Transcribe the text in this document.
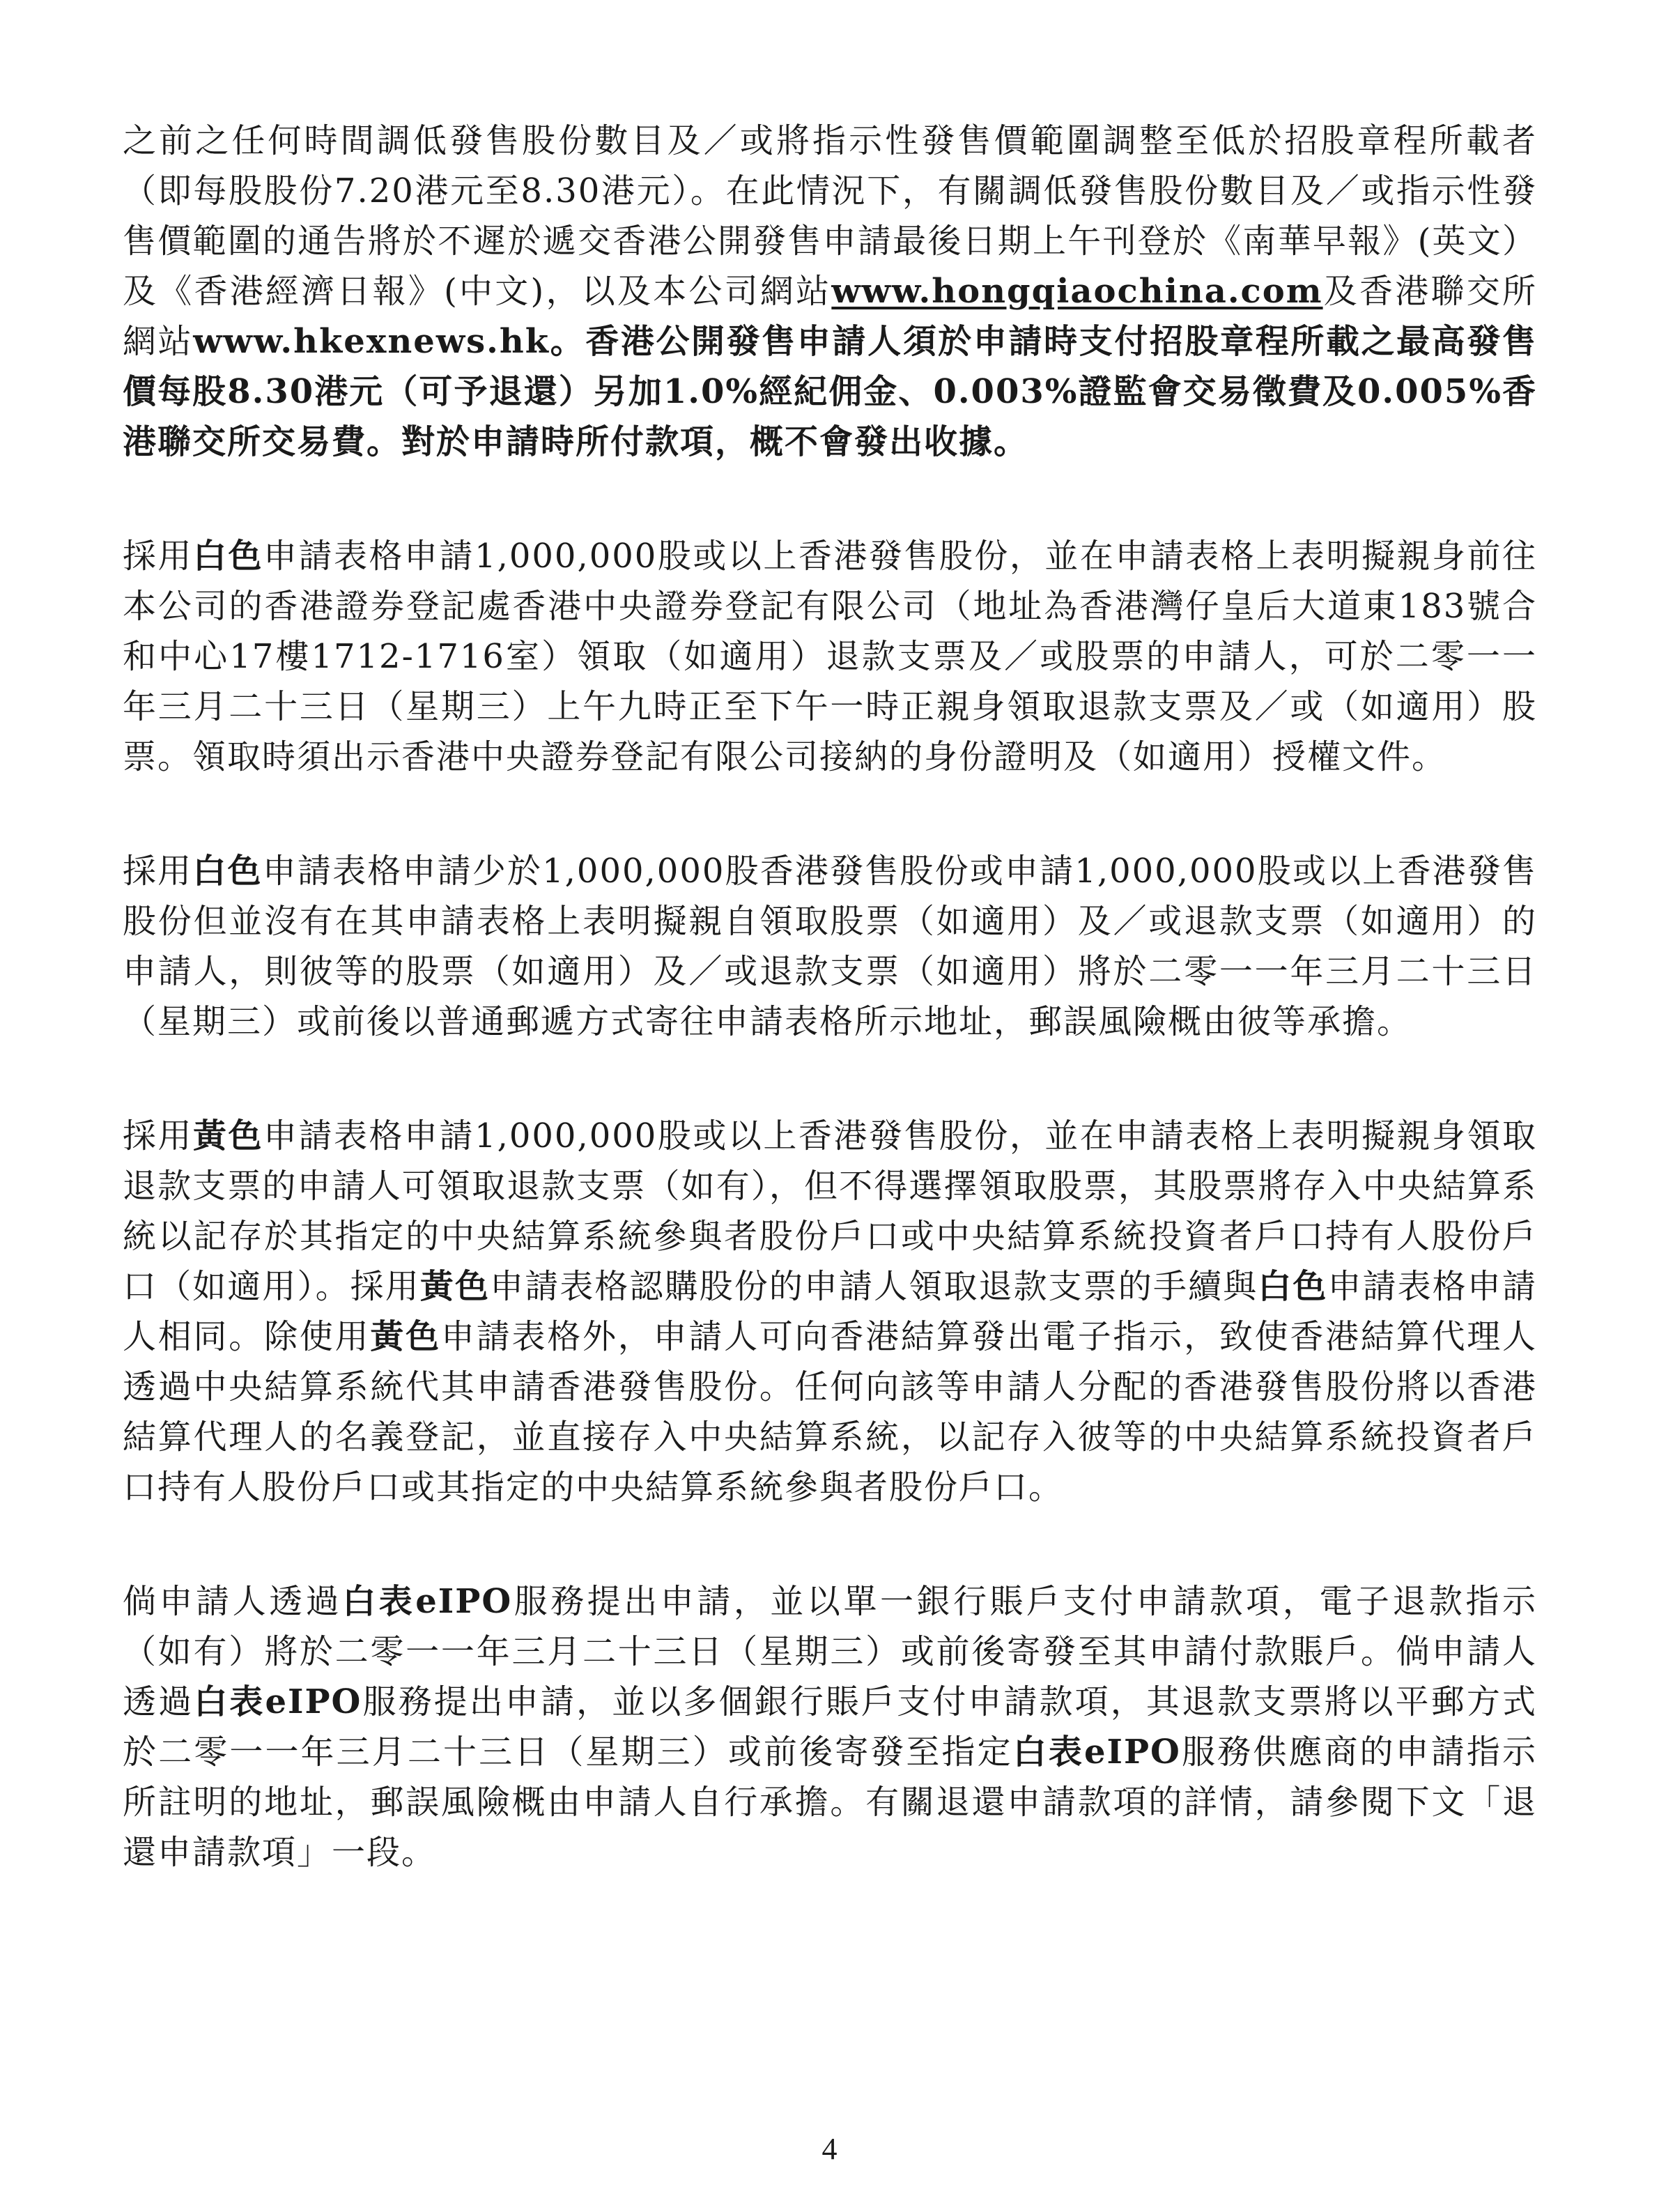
之前之任何時間調低發售股份數目及／或將指示性發售價範圍調整至低於招股章程所載者（即每股股份7.20港元至8.30港元）。在此情況下，有關調低發售股份數目及／或指示性發售價範圍的通告將於不遲於遞交香港公開發售申請最後日期上午刊登於《南華早報》(英文）及《香港經濟日報》(中文)，以及本公司網站www.hongqiaochina.com及香港聯交所網站www.hkexnews.hk。香港公開發售申請人須於申請時支付招股章程所載之最高發售價每股8.30港元（可予退還）另加1.0%經紀佣金、0.003%證監會交易徵費及0.005%香港聯交所交易費。對於申請時所付款項，概不會發出收據。

採用白色申請表格申請1,000,000股或以上香港發售股份，並在申請表格上表明擬親身前往本公司的香港證券登記處香港中央證券登記有限公司（地址為香港灣仔皇后大道東183號合和中心17樓1712-1716室）領取（如適用）退款支票及／或股票的申請人，可於二零一一年三月二十三日（星期三）上午九時正至下午一時正親身領取退款支票及／或（如適用）股票。領取時須出示香港中央證券登記有限公司接納的身份證明及（如適用）授權文件。

採用白色申請表格申請少於1,000,000股香港發售股份或申請1,000,000股或以上香港發售股份但並沒有在其申請表格上表明擬親自領取股票（如適用）及／或退款支票（如適用）的申請人，則彼等的股票（如適用）及／或退款支票（如適用）將於二零一一年三月二十三日（星期三）或前後以普通郵遞方式寄往申請表格所示地址，郵誤風險概由彼等承擔。

採用黃色申請表格申請1,000,000股或以上香港發售股份，並在申請表格上表明擬親身領取退款支票的申請人可領取退款支票（如有），但不得選擇領取股票，其股票將存入中央結算系統以記存於其指定的中央結算系統參與者股份戶口或中央結算系統投資者戶口持有人股份戶口（如適用）。採用黃色申請表格認購股份的申請人領取退款支票的手續與白色申請表格申請人相同。除使用黃色申請表格外，申請人可向香港結算發出電子指示，致使香港結算代理人透過中央結算系統代其申請香港發售股份。任何向該等申請人分配的香港發售股份將以香港結算代理人的名義登記，並直接存入中央結算系統，以記存入彼等的中央結算系統投資者戶口持有人股份戶口或其指定的中央結算系統參與者股份戶口。

倘申請人透過白表eIPO服務提出申請，並以單一銀行賬戶支付申請款項，電子退款指示（如有）將於二零一一年三月二十三日（星期三）或前後寄發至其申請付款賬戶。倘申請人透過白表eIPO服務提出申請，並以多個銀行賬戶支付申請款項，其退款支票將以平郵方式於二零一一年三月二十三日（星期三）或前後寄發至指定白表eIPO服務供應商的申請指示所註明的地址，郵誤風險概由申請人自行承擔。有關退還申請款項的詳情，請參閱下文「退還申請款項」一段。

4
